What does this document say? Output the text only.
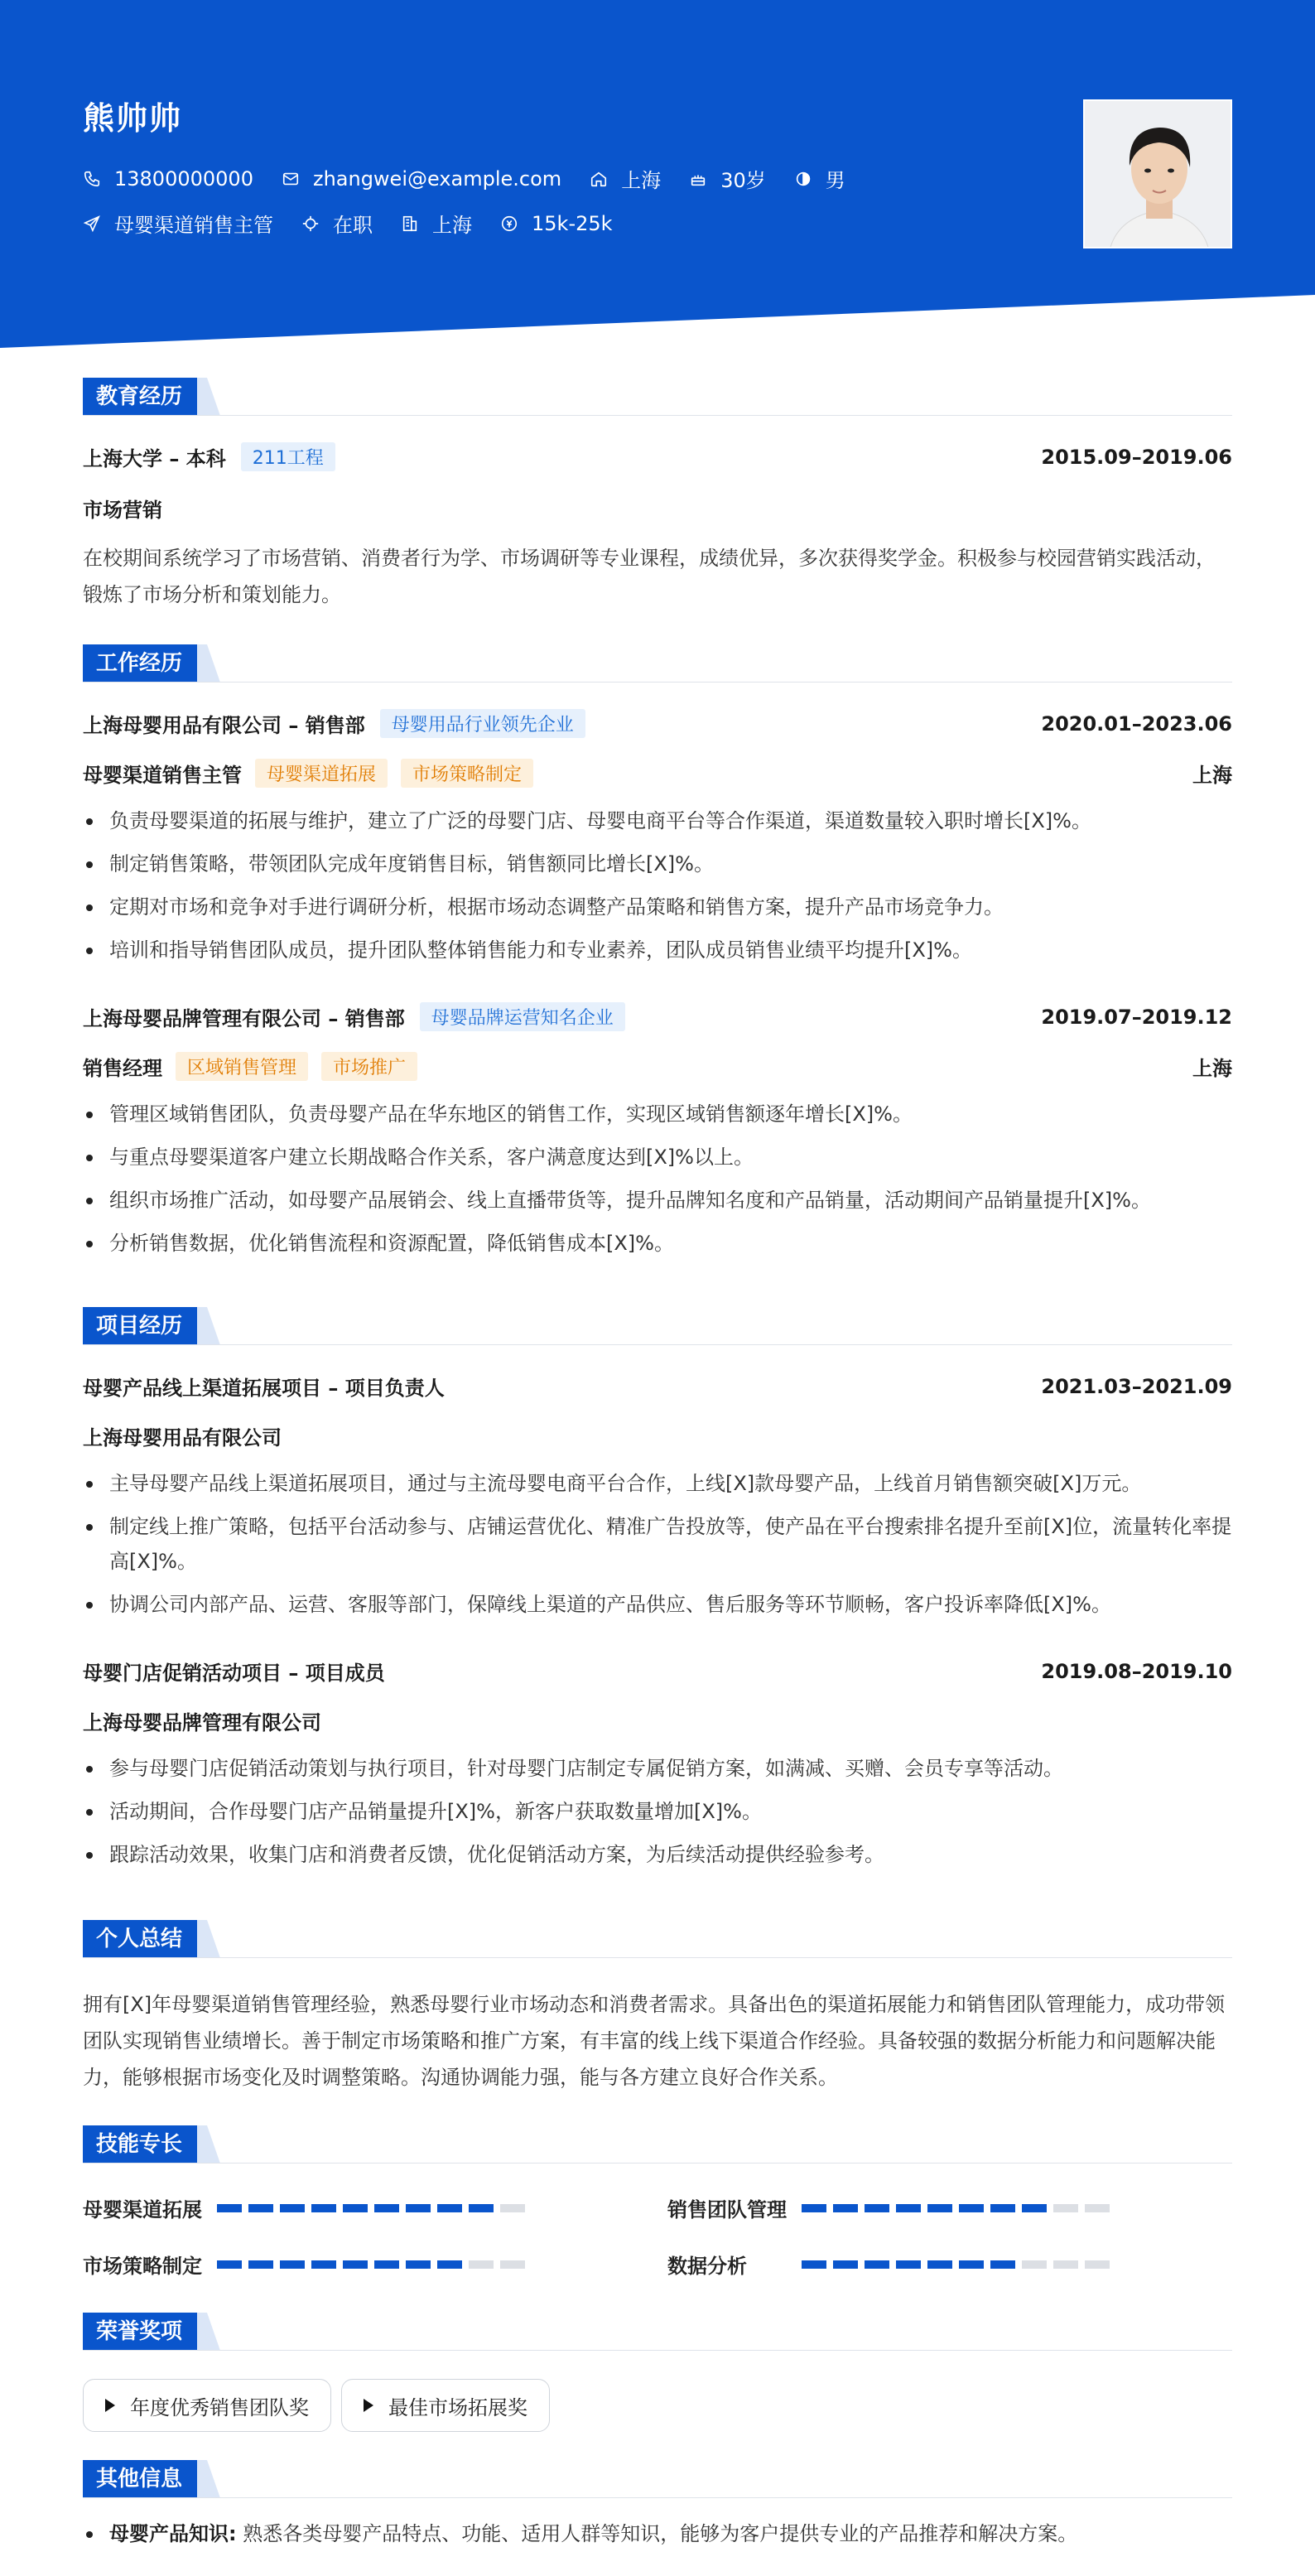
熊帅帅
13800000000	zhangwei@example.com	上海	30岁	男
母婴渠道销售主管	在职	上海	15k-25k
教育经历
上海大学 – 本科	211工程	2015.09–2019.06
市场营销
在校期间系统学习了市场营销、消费者行为学、市场调研等专业课程，成绩优异，多次获得奖学金。积极参与校园营销实践活动，锻炼了市场分析和策划能力。
工作经历
上海母婴用品有限公司 – 销售部	母婴用品行业领先企业	2020.01–2023.06
母婴渠道销售主管	母婴渠道拓展	市场策略制定	上海
负责母婴渠道的拓展与维护，建立了广泛的母婴门店、母婴电商平台等合作渠道，渠道数量较入职时增长[X]%。
制定销售策略，带领团队完成年度销售目标，销售额同比增长[X]%。
定期对市场和竞争对手进行调研分析，根据市场动态调整产品策略和销售方案，提升产品市场竞争力。
培训和指导销售团队成员，提升团队整体销售能力和专业素养，团队成员销售业绩平均提升[X]%。
上海母婴品牌管理有限公司 – 销售部	母婴品牌运营知名企业	2019.07–2019.12
销售经理	区域销售管理	市场推广	上海
管理区域销售团队，负责母婴产品在华东地区的销售工作，实现区域销售额逐年增长[X]%。
与重点母婴渠道客户建立长期战略合作关系，客户满意度达到[X]%以上。
组织市场推广活动，如母婴产品展销会、线上直播带货等，提升品牌知名度和产品销量，活动期间产品销量提升[X]%。
分析销售数据，优化销售流程和资源配置，降低销售成本[X]%。
项目经历
母婴产品线上渠道拓展项目 – 项目负责人	2021.03–2021.09
上海母婴用品有限公司
主导母婴产品线上渠道拓展项目，通过与主流母婴电商平台合作，上线[X]款母婴产品，上线首月销售额突破[X]万元。
制定线上推广策略，包括平台活动参与、店铺运营优化、精准广告投放等，使产品在平台搜索排名提升至前[X]位，流量转化率提高[X]%。
协调公司内部产品、运营、客服等部门，保障线上渠道的产品供应、售后服务等环节顺畅，客户投诉率降低[X]%。
母婴门店促销活动项目 – 项目成员	2019.08–2019.10
上海母婴品牌管理有限公司
参与母婴门店促销活动策划与执行项目，针对母婴门店制定专属促销方案，如满减、买赠、会员专享等活动。
活动期间，合作母婴门店产品销量提升[X]%，新客户获取数量增加[X]%。
跟踪活动效果，收集门店和消费者反馈，优化促销活动方案，为后续活动提供经验参考。
个人总结
拥有[X]年母婴渠道销售管理经验，熟悉母婴行业市场动态和消费者需求。具备出色的渠道拓展能力和销售团队管理能力，成功带领团队实现销售业绩增长。善于制定市场策略和推广方案，有丰富的线上线下渠道合作经验。具备较强的数据分析能力和问题解决能力，能够根据市场变化及时调整策略。沟通协调能力强，能与各方建立良好合作关系。
技能专长
母婴渠道拓展	销售团队管理
市场策略制定	数据分析
荣誉奖项
年度优秀销售团队奖	最佳市场拓展奖
其他信息
母婴产品知识: 熟悉各类母婴产品特点、功能、适用人群等知识，能够为客户提供专业的产品推荐和解决方案。
